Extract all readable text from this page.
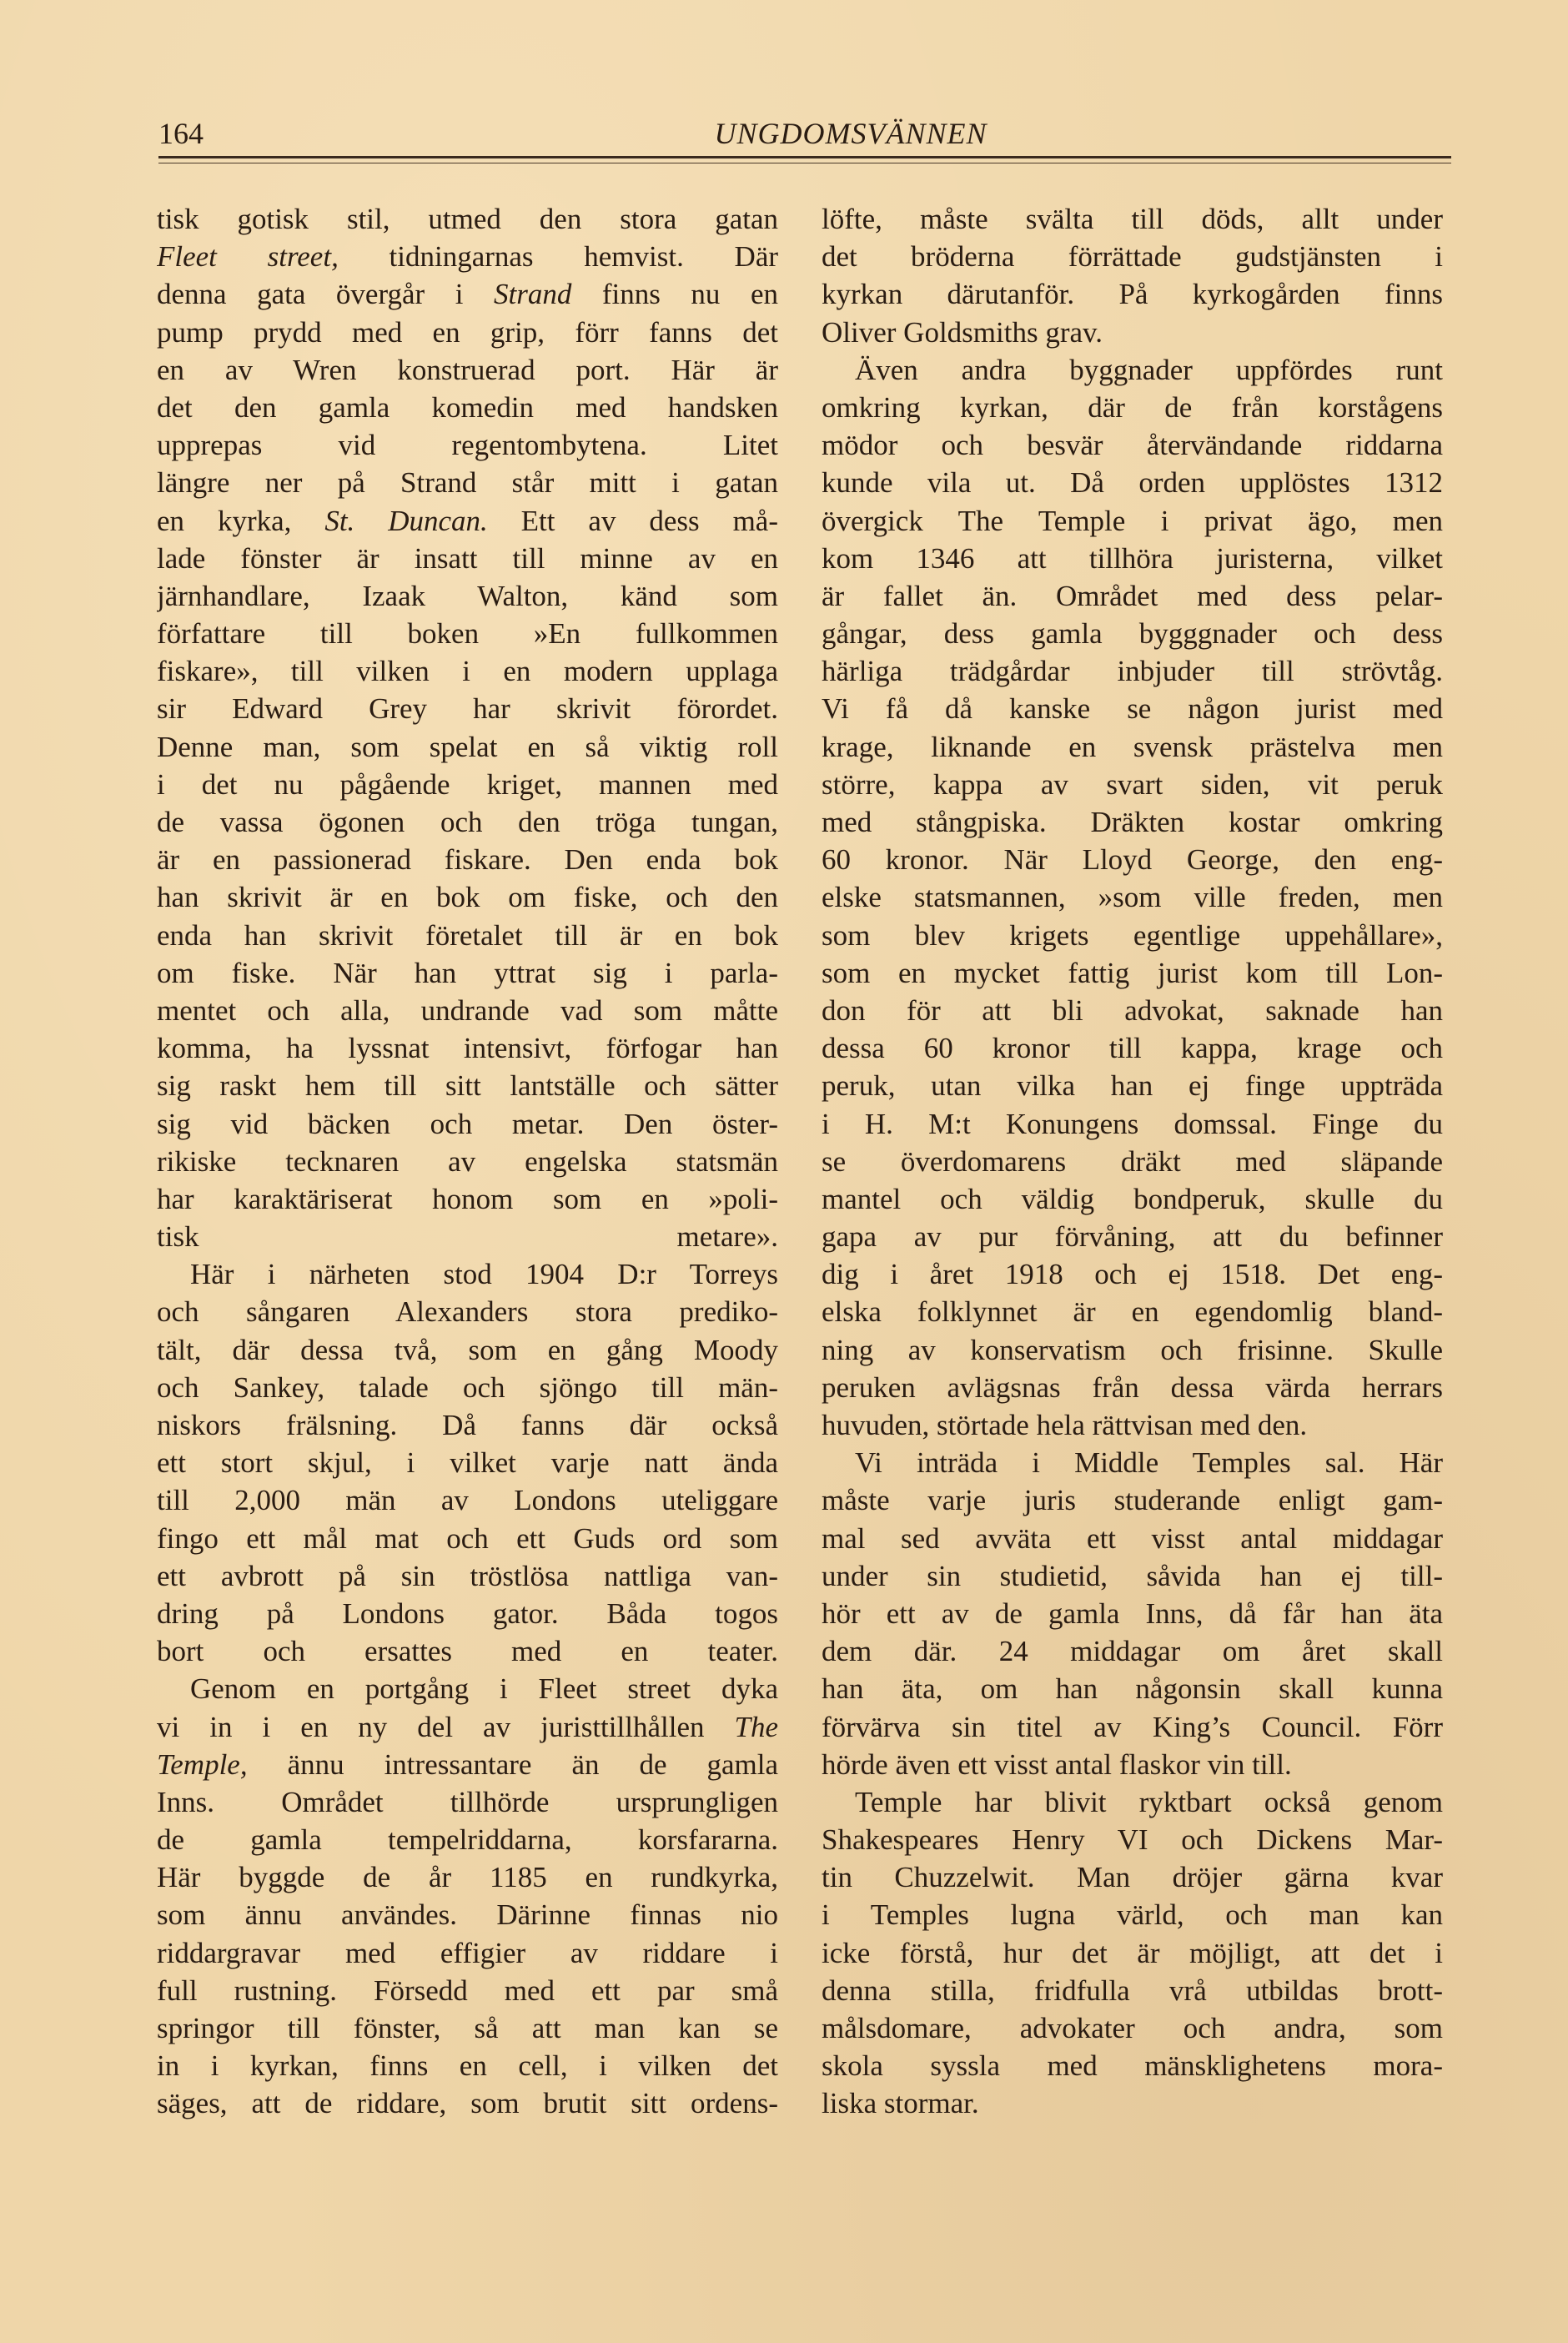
164	UNGDOMSVÄNNEN
tisk gotisk stil, utmed den stora gatan
Fleet street, tidningarnas hemvist. Där
denna gata övergår i Strand finns nu en
pump prydd med en grip, förr fanns det
en av Wren konstruerad port. Här är
det den gamla komedin med handsken
upprepas vid regentombytena. Litet
längre ner på Strand står mitt i gatan
en kyrka, St. Duncan. Ett av dess må-
lade fönster är insatt till minne av en
järnhandlare, Izaak Walton, känd som
författare till boken »En fullkommen
fiskare», till vilken i en modern upplaga
sir Edward Grey har skrivit förordet.
Denne man, som spelat en så viktig roll
i det nu pågående kriget, mannen med
de vassa ögonen och den tröga tungan,
är en passionerad fiskare. Den enda bok
han skrivit är en bok om fiske, och den
enda han skrivit företalet till är en bok
om fiske. När han yttrat sig i parla-
mentet och alla, undrande vad som måtte
komma, ha lyssnat intensivt, förfogar han
sig raskt hem till sitt lantställe och sätter
sig vid bäcken och metar. Den öster-
rikiske tecknaren av engelska statsmän
har karaktäriserat honom som en »poli-
tisk metare».
Här i närheten stod 1904 D:r Torreys
och sångaren Alexanders stora prediko-
tält, där dessa två, som en gång Moody
och Sankey, talade och sjöngo till män-
niskors frälsning. Då fanns där också
ett stort skjul, i vilket varje natt ända
till 2,000 män av Londons uteliggare
fingo ett mål mat och ett Guds ord som
ett avbrott på sin tröstlösa nattliga van-
dring på Londons gator. Båda togos
bort och ersattes med en teater.
Genom en portgång i Fleet street dyka
vi in i en ny del av juristtillhållen The
Temple, ännu intressantare än de gamla
Inns. Området tillhörde ursprungligen
de gamla tempelriddarna, korsfararna.
Här byggde de år 1185 en rundkyrka,
som ännu användes. Därinne finnas nio
riddargravar med effigier av riddare i
full rustning. Försedd med ett par små
springor till fönster, så att man kan se
in i kyrkan, finns en cell, i vilken det
säges, att de riddare, som brutit sitt ordens-
löfte, måste svälta till döds, allt under
det bröderna förrättade gudstjänsten i
kyrkan därutanför. På kyrkogården finns
Oliver Goldsmiths grav.
Även andra byggnader uppfördes runt
omkring kyrkan, där de från korstågens
mödor och besvär återvändande riddarna
kunde vila ut. Då orden upplöstes 1312
övergick The Temple i privat ägo, men
kom 1346 att tillhöra juristerna, vilket
är fallet än. Området med dess pelar-
gångar, dess gamla bygggnader och dess
härliga trädgårdar inbjuder till strövtåg.
Vi få då kanske se någon jurist med
krage, liknande en svensk prästelva men
större, kappa av svart siden, vit peruk
med stångpiska. Dräkten kostar omkring
60 kronor. När Lloyd George, den eng-
elske statsmannen, »som ville freden, men
som blev krigets egentlige uppehållare»,
som en mycket fattig jurist kom till Lon-
don för att bli advokat, saknade han
dessa 60 kronor till kappa, krage och
peruk, utan vilka han ej finge uppträda
i H. M:t Konungens domssal. Finge du
se överdomarens dräkt med släpande
mantel och väldig bondperuk, skulle du
gapa av pur förvåning, att du befinner
dig i året 1918 och ej 1518. Det eng-
elska folklynnet är en egendomlig bland-
ning av konservatism och frisinne. Skulle
peruken avlägsnas från dessa värda herrars
huvuden, störtade hela rättvisan med den.
Vi inträda i Middle Temples sal. Här
måste varje juris studerande enligt gam-
mal sed avväta ett visst antal middagar
under sin studietid, såvida han ej till-
hör ett av de gamla Inns, då får han äta
dem där. 24 middagar om året skall
han äta, om han någonsin skall kunna
förvärva sin titel av King’s Council. Förr
hörde även ett visst antal flaskor vin till.
Temple har blivit ryktbart också genom
Shakespeares Henry VI och Dickens Mar-
tin Chuzzelwit. Man dröjer gärna kvar
i Temples lugna värld, och man kan
icke förstå, hur det är möjligt, att det i
denna stilla, fridfulla vrå utbildas brott-
målsdomare, advokater och andra, som
skola syssla med mänsklighetens mora-
liska stormar.
